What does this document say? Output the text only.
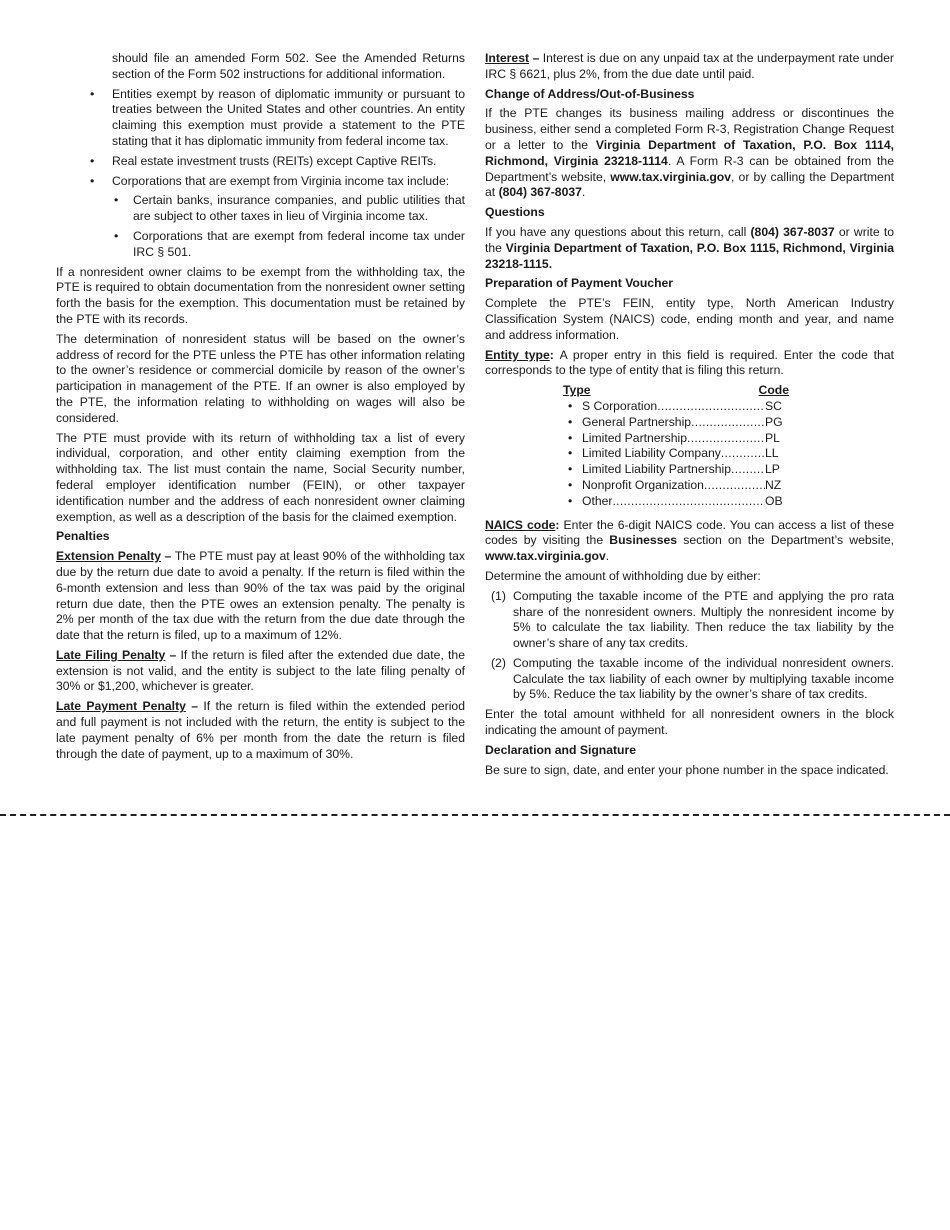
should file an amended Form 502. See the Amended Returns section of the Form 502 instructions for additional information.

• Entities exempt by reason of diplomatic immunity or pursuant to treaties between the United States and other countries. An entity claiming this exemption must provide a statement to the PTE stating that it has diplomatic immunity from federal income tax.
• Real estate investment trusts (REITs) except Captive REITs.
• Corporations that are exempt from Virginia income tax include:
• Certain banks, insurance companies, and public utilities that are subject to other taxes in lieu of Virginia income tax.
• Corporations that are exempt from federal income tax under IRC § 501.

If a nonresident owner claims to be exempt from the withholding tax, the PTE is required to obtain documentation from the nonresident owner setting forth the basis for the exemption. This documentation must be retained by the PTE with its records.

The determination of nonresident status will be based on the owner’s address of record for the PTE unless the PTE has other information relating to the owner’s residence or commercial domicile by reason of the owner’s participation in management of the PTE. If an owner is also employed by the PTE, the information relating to withholding on wages will also be considered.

The PTE must provide with its return of withholding tax a list of every individual, corporation, and other entity claiming exemption from the withholding tax. The list must contain the name, Social Security number, federal employer identification number (FEIN), or other taxpayer identification number and the address of each nonresident owner claiming exemption, as well as a description of the basis for the claimed exemption.

Penalties

Extension Penalty – The PTE must pay at least 90% of the withholding tax due by the return due date to avoid a penalty. If the return is filed within the 6-month extension and less than 90% of the tax was paid by the original return due date, then the PTE owes an extension penalty. The penalty is 2% per month of the tax due with the return from the due date through the date that the return is filed, up to a maximum of 12%.

Late Filing Penalty – If the return is filed after the extended due date, the extension is not valid, and the entity is subject to the late filing penalty of 30% or $1,200, whichever is greater.

Late Payment Penalty – If the return is filed within the extended period and full payment is not included with the return, the entity is subject to the late payment penalty of 6% per month from the date the return is filed through the date of payment, up to a maximum of 30%.

Interest – Interest is due on any unpaid tax at the underpayment rate under IRC § 6621, plus 2%, from the due date until paid.

Change of Address/Out-of-Business

If the PTE changes its business mailing address or discontinues the business, either send a completed Form R-3, Registration Change Request or a letter to the Virginia Department of Taxation, P.O. Box 1114, Richmond, Virginia 23218-1114. A Form R-3 can be obtained from the Department’s website, www.tax.virginia.gov, or by calling the Department at (804) 367-8037.

Questions

If you have any questions about this return, call (804) 367-8037 or write to the Virginia Department of Taxation, P.O. Box 1115, Richmond, Virginia 23218-1115.

Preparation of Payment Voucher

Complete the PTE’s FEIN, entity type, North American Industry Classification System (NAICS) code, ending month and year, and name and address information.

Entity type: A proper entry in this field is required. Enter the code that corresponds to the type of entity that is filing this return.

Type	Code
• S Corporation .....	SC
• General Partnership .....	PG
• Limited Partnership .....	PL
• Limited Liability Company .....	LL
• Limited Liability Partnership .....	LP
• Nonprofit Organization .....	NZ
• Other .....	OB

NAICS code: Enter the 6-digit NAICS code. You can access a list of these codes by visiting the Businesses section on the Department’s website, www.tax.virginia.gov.

Determine the amount of withholding due by either:

(1) Computing the taxable income of the PTE and applying the pro rata share of the nonresident owners. Multiply the nonresident income by 5% to calculate the tax liability. Then reduce the tax liability by the owner’s share of any tax credits.
(2) Computing the taxable income of the individual nonresident owners. Calculate the tax liability of each owner by multiplying taxable income by 5%. Reduce the tax liability by the owner’s share of tax credits.

Enter the total amount withheld for all nonresident owners in the block indicating the amount of payment.

Declaration and Signature

Be sure to sign, date, and enter your phone number in the space indicated.
